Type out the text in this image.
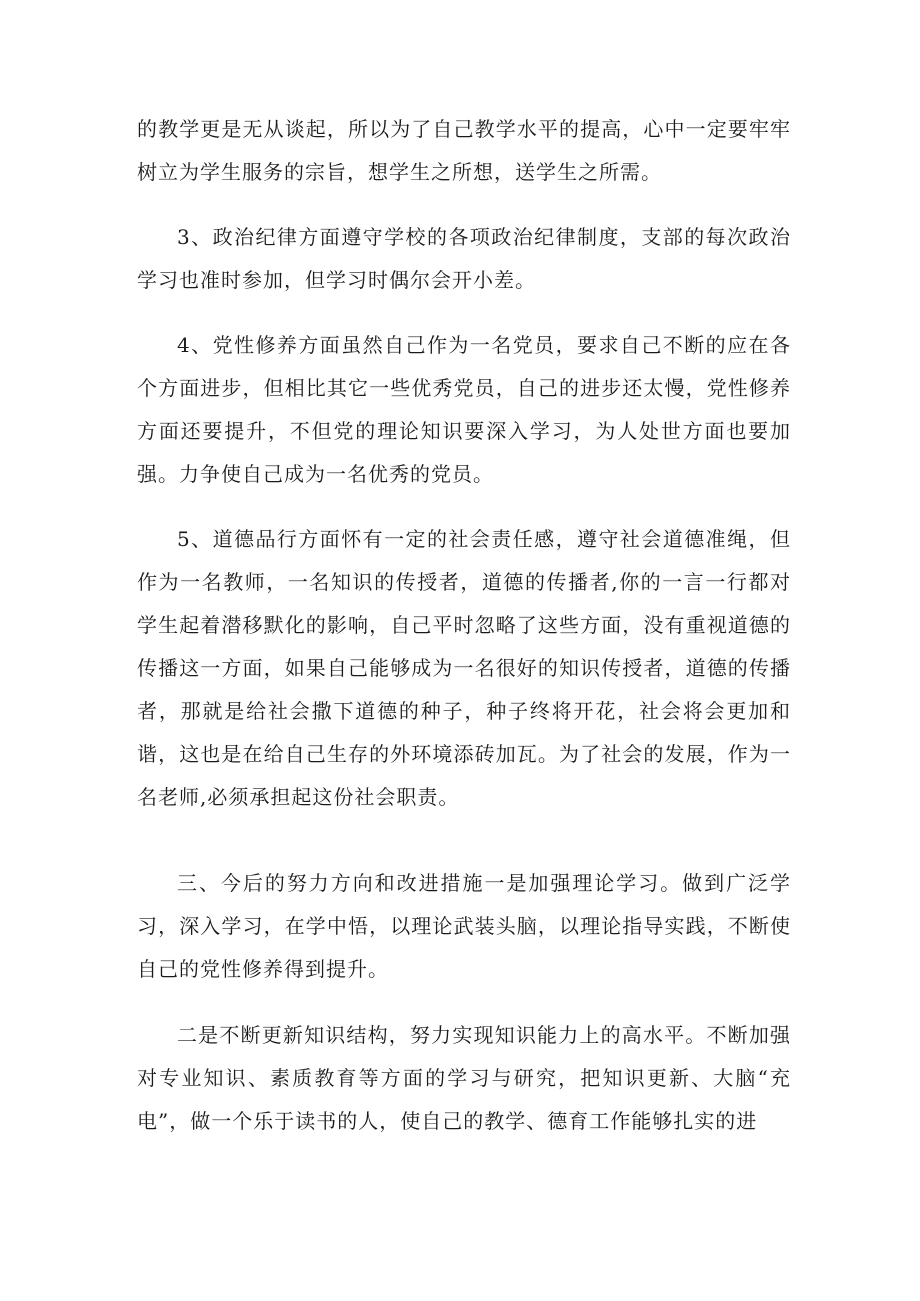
的教学更是无从谈起，所以为了自己教学水平的提高，心中一定要牢牢树立为学生服务的宗旨，想学生之所想，送学生之所需。

3、政治纪律方面遵守学校的各项政治纪律制度，支部的每次政治学习也准时参加，但学习时偶尔会开小差。

4、党性修养方面虽然自己作为一名党员，要求自己不断的应在各个方面进步，但相比其它一些优秀党员，自己的进步还太慢，党性修养方面还要提升，不但党的理论知识要深入学习，为人处世方面也要加强。力争使自己成为一名优秀的党员。

5、道德品行方面怀有一定的社会责任感，遵守社会道德准绳，但作为一名教师，一名知识的传授者，道德的传播者,你的一言一行都对学生起着潜移默化的影响，自己平时忽略了这些方面，没有重视道德的传播这一方面，如果自己能够成为一名很好的知识传授者，道德的传播者，那就是给社会撒下道德的种子，种子终将开花，社会将会更加和谐，这也是在给自己生存的外环境添砖加瓦。为了社会的发展，作为一名老师,必须承担起这份社会职责。

三、今后的努力方向和改进措施一是加强理论学习。做到广泛学习，深入学习，在学中悟，以理论武装头脑，以理论指导实践，不断使自己的党性修养得到提升。

二是不断更新知识结构，努力实现知识能力上的高水平。不断加强对专业知识、素质教育等方面的学习与研究，把知识更新、大脑“充电”，做一个乐于读书的人，使自己的教学、德育工作能够扎实的进
